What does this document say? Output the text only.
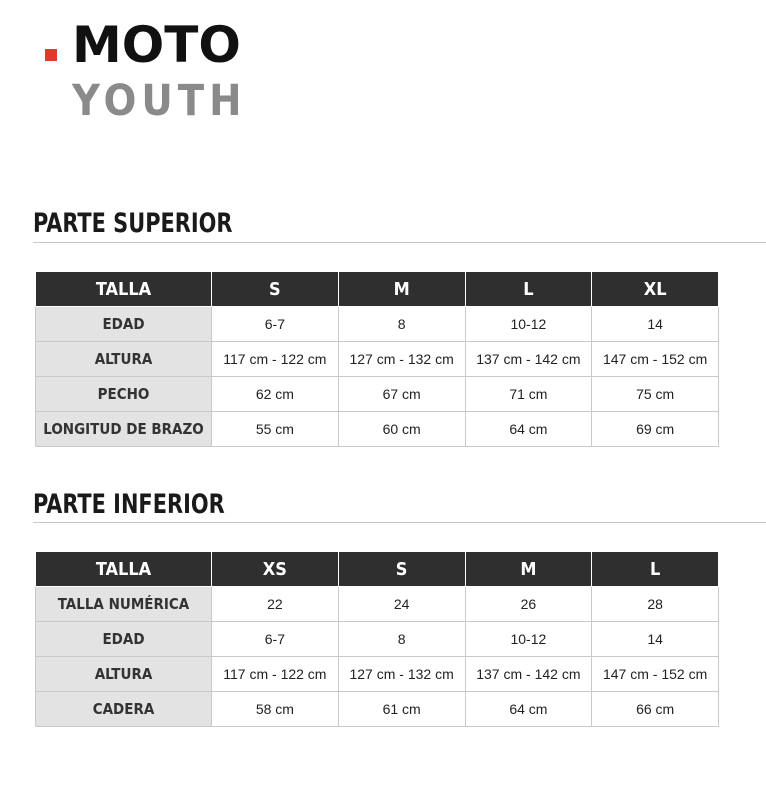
MOTO
YOUTH
PARTE SUPERIOR
TALLA	S	M	L	XL
EDAD	6-7	8	10-12	14
ALTURA	117 cm - 122 cm	127 cm - 132 cm	137 cm - 142 cm	147 cm - 152 cm
PECHO	62 cm	67 cm	71 cm	75 cm
LONGITUD DE BRAZO	55 cm	60 cm	64 cm	69 cm
PARTE INFERIOR
TALLA	XS	S	M	L
TALLA NUMÉRICA	22	24	26	28
EDAD	6-7	8	10-12	14
ALTURA	117 cm - 122 cm	127 cm - 132 cm	137 cm - 142 cm	147 cm - 152 cm
CADERA	58 cm	61 cm	64 cm	66 cm
